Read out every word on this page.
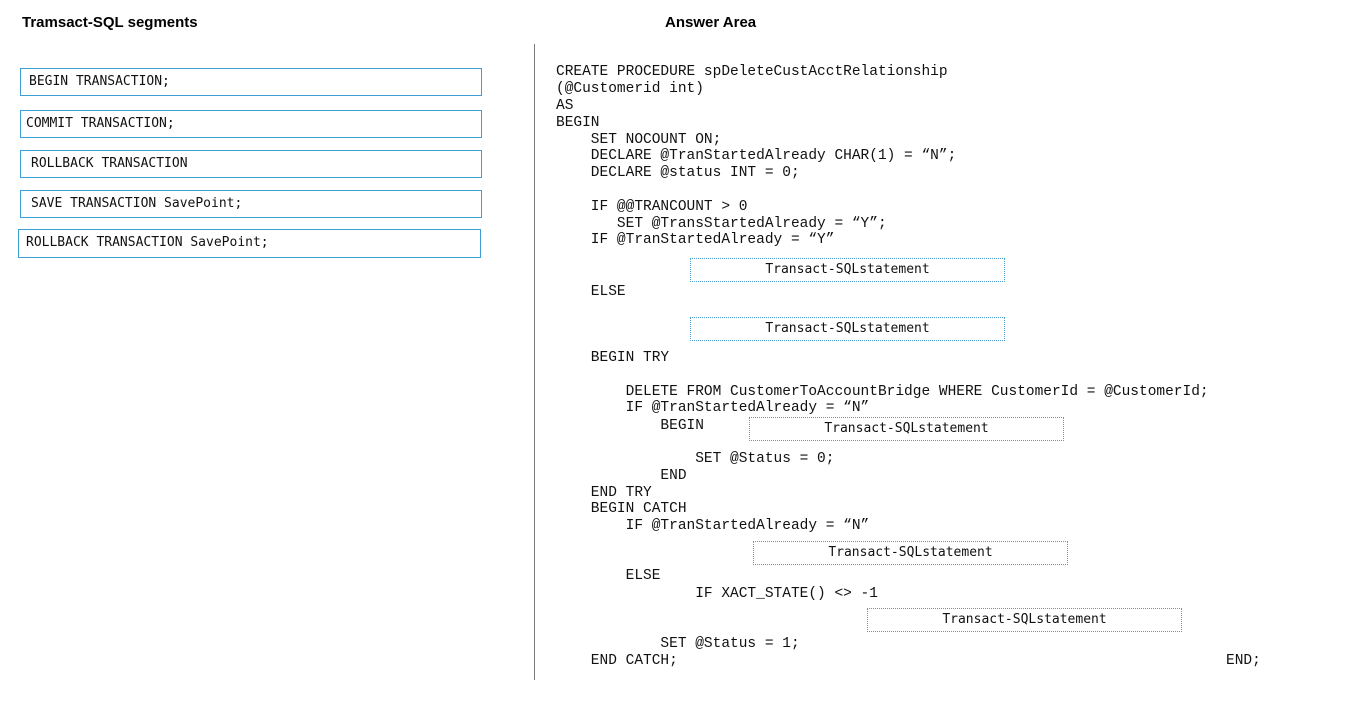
Tramsact-SQL segments	Answer Area
BEGIN TRANSACTION;
COMMIT TRANSACTION;
ROLLBACK TRANSACTION
SAVE TRANSACTION SavePoint;
ROLLBACK TRANSACTION SavePoint;
CREATE PROCEDURE spDeleteCustAcctRelationship
(@Customerid int)
AS
BEGIN
SET NOCOUNT ON;
DECLARE @TranStartedAlready CHAR(1) = “N”;
DECLARE @status INT = 0;
IF @@TRANCOUNT > 0
SET @TransStartedAlready = “Y”;
IF @TranStartedAlready = “Y”
Transact-SQLstatement
ELSE
Transact-SQLstatement
BEGIN TRY
DELETE FROM CustomerToAccountBridge WHERE CustomerId = @CustomerId;
IF @TranStartedAlready = “N”
BEGIN	Transact-SQLstatement
SET @Status = 0;
END
END TRY
BEGIN CATCH
IF @TranStartedAlready = “N”
Transact-SQLstatement
ELSE
IF XACT_STATE() <> -1
Transact-SQLstatement
SET @Status = 1;
END CATCH;	END;
